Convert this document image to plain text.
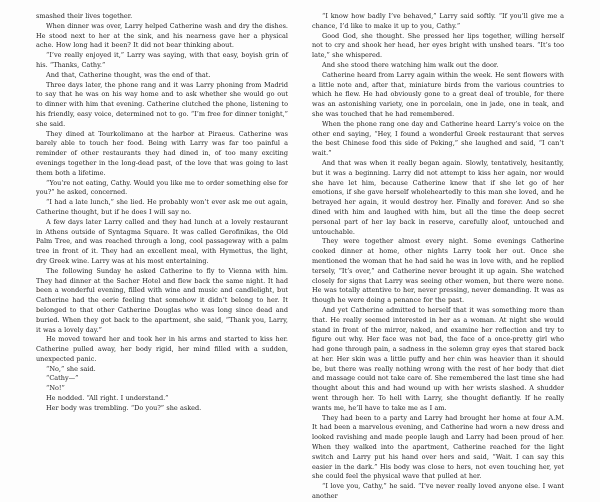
smashed their lives together.

When dinner was over, Larry helped Catherine wash and dry the dishes. He stood next to her at the sink, and his nearness gave her a physical ache. How long had it been? It did not bear thinking about.

“I’ve really enjoyed it,” Larry was saying, with that easy, boyish grin of his. “Thanks, Cathy.”

And that, Catherine thought, was the end of that.

Three days later, the phone rang and it was Larry phoning from Madrid to say that he was on his way home and to ask whether she would go out to dinner with him that evening. Catherine clutched the phone, listening to his friendly, easy voice, determined not to go. “I’m free for dinner tonight,” she said.

They dined at Tourkolimano at the harbor at Piraeus. Catherine was barely able to touch her food. Being with Larry was far too painful a reminder of other restaurants they had dined in, of too many exciting evenings together in the long-dead past, of the love that was going to last them both a lifetime.

“You’re not eating, Cathy. Would you like me to order something else for you?” he asked, concerned.

“I had a late lunch,” she lied. He probably won’t ever ask me out again, Catherine thought, but if he does I will say no.

A few days later Larry called and they had lunch at a lovely restaurant in Athens outside of Syntagma Square. It was called Gerofinikas, the Old Palm Tree, and was reached through a long, cool passageway with a palm tree in front of it. They had an excellent meal, with Hymettus, the light, dry Greek wine. Larry was at his most entertaining.

The following Sunday he asked Catherine to fly to Vienna with him. They had dinner at the Sacher Hotel and flew back the same night. It had been a wonderful evening, filled with wine and music and candlelight, but Catherine had the eerie feeling that somehow it didn’t belong to her. It belonged to that other Catherine Douglas who was long since dead and buried. When they got back to the apartment, she said, “Thank you, Larry, it was a lovely day.”

He moved toward her and took her in his arms and started to kiss her. Catherine pulled away, her body rigid, her mind filled with a sudden, unexpected panic.

“No,” she said.

“Cathy—”

“No!”

He nodded. “All right. I understand.”

Her body was trembling. “Do you?” she asked.

“I know how badly I’ve behaved,” Larry said softly. “If you’ll give me a chance, I’d like to make it up to you, Cathy.”

Good God, she thought. She pressed her lips together, willing herself not to cry and shook her head, her eyes bright with unshed tears. “It’s too late,” she whispered.

And she stood there watching him walk out the door.

Catherine heard from Larry again within the week. He sent flowers with a little note and, after that, miniature birds from the various countries to which he flew. He had obviously gone to a great deal of trouble, for there was an astonishing variety, one in porcelain, one in jade, one in teak, and she was touched that he had remembered.

When the phone rang one day and Catherine heard Larry’s voice on the other end saying, “Hey, I found a wonderful Greek restaurant that serves the best Chinese food this side of Peking,” she laughed and said, “I can’t wait.”

And that was when it really began again. Slowly, tentatively, hesitantly, but it was a beginning. Larry did not attempt to kiss her again, nor would she have let him, because Catherine knew that if she let go of her emotions, if she gave herself wholeheartedly to this man she loved, and he betrayed her again, it would destroy her. Finally and forever. And so she dined with him and laughed with him, but all the time the deep secret personal part of her lay back in reserve, carefully aloof, untouched and untouchable.

They were together almost every night. Some evenings Catherine cooked dinner at home, other nights Larry took her out. Once she mentioned the woman that he had said he was in love with, and he replied tersely, “It’s over,” and Catherine never brought it up again. She watched closely for signs that Larry was seeing other women, but there were none. He was totally attentive to her, never pressing, never demanding. It was as though he were doing a penance for the past.

And yet Catherine admitted to herself that it was something more than that. He really seemed interested in her as a woman. At night she would stand in front of the mirror, naked, and examine her reflection and try to figure out why. Her face was not bad, the face of a once-pretty girl who had gone through pain, a sadness in the solemn gray eyes that stared back at her. Her skin was a little puffy and her chin was heavier than it should be, but there was really nothing wrong with the rest of her body that diet and massage could not take care of. She remembered the last time she had thought about this and had wound up with her wrists slashed. A shudder went through her. To hell with Larry, she thought defiantly. If he really wants me, he’ll have to take me as I am.

They had been to a party and Larry had brought her home at four A.M. It had been a marvelous evening, and Catherine had worn a new dress and looked ravishing and made people laugh and Larry had been proud of her. When they walked into the apartment, Catherine reached for the light switch and Larry put his hand over hers and said, “Wait. I can say this easier in the dark.” His body was close to hers, not even touching her, yet she could feel the physical wave that pulled at her.

“I love you, Cathy,” he said. “I’ve never really loved anyone else. I want another
